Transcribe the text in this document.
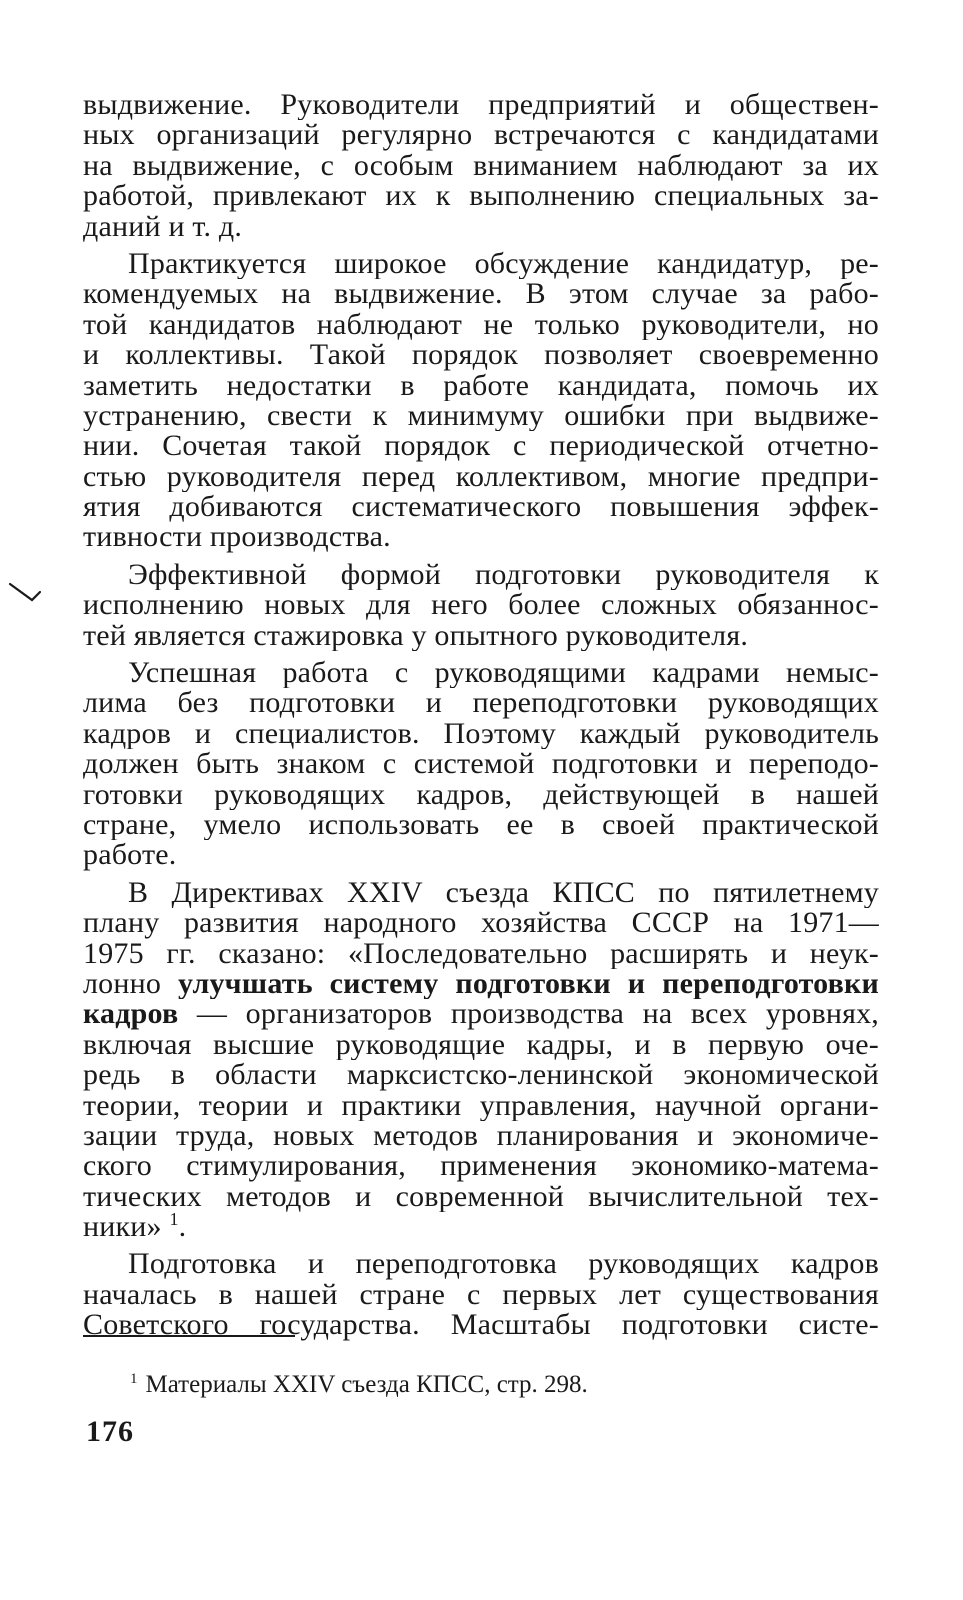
выдвижение. Руководители предприятий и обществен-
ных организаций регулярно встречаются с кандидатами
на выдвижение, с особым вниманием наблюдают за их
работой, привлекают их к выполнению специальных за-
даний и т. д.
Практикуется широкое обсуждение кандидатур, ре-
комендуемых на выдвижение. В этом случае за рабо-
той кандидатов наблюдают не только руководители, но
и коллективы. Такой порядок позволяет своевременно
заметить недостатки в работе кандидата, помочь их
устранению, свести к минимуму ошибки при выдвиже-
нии. Сочетая такой порядок с периодической отчетно-
стью руководителя перед коллективом, многие предпри-
ятия добиваются систематического повышения эффек-
тивности производства.
Эффективной формой подготовки руководителя к
исполнению новых для него более сложных обязаннос-
тей является стажировка у опытного руководителя.
Успешная работа с руководящими кадрами немыс-
лима без подготовки и переподготовки руководящих
кадров и специалистов. Поэтому каждый руководитель
должен быть знаком с системой подготовки и переподо-
готовки руководящих кадров, действующей в нашей
стране, умело использовать ее в своей практической
работе.
В Директивах XXIV съезда КПСС по пятилетнему
плану развития народного хозяйства СССР на 1971—
1975 гг. сказано: «Последовательно расширять и неук-
лонно улучшать систему подготовки и переподготовки
кадров — организаторов производства на всех уровнях,
включая высшие руководящие кадры, и в первую оче-
редь в области марксистско-ленинской экономической
теории, теории и практики управления, научной органи-
зации труда, новых методов планирования и экономиче-
ского стимулирования, применения экономико-матема-
тических методов и современной вычислительной тех-
ники» $^1$.
Подготовка и переподготовка руководящих кадров
началась в нашей стране с первых лет существования
Советского государства. Масштабы подготовки систе-
$^1$ Материалы XXIV съезда КПСС, стр. 298.
176
